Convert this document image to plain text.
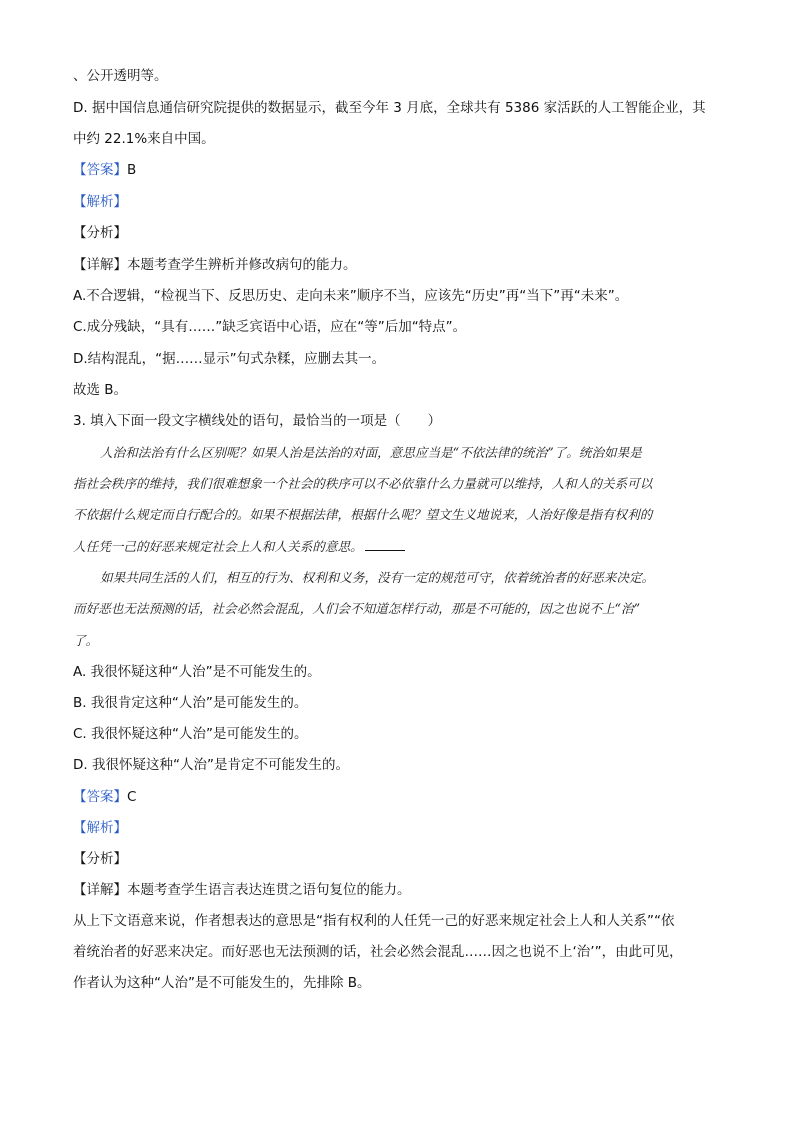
、公开透明等。
D. 据中国信息通信研究院提供的数据显示，截至今年 3 月底，全球共有 5386 家活跃的人工智能企业，其
中约 22.1%来自中国。
【答案】B
【解析】
【分析】
【详解】本题考查学生辨析并修改病句的能力。
A.不合逻辑，“检视当下、反思历史、走向未来”顺序不当，应该先“历史”再“当下”再“未来”。
C.成分残缺，“具有……”缺乏宾语中心语，应在“等”后加“特点”。
D.结构混乱，“据……显示”句式杂糅，应删去其一。
故选 B。
3. 填入下面一段文字横线处的语句，最恰当的一项是（　　）
人治和法治有什么区别呢？如果人治是法治的对面，意思应当是“不依法律的统治”了。统治如果是
指社会秩序的维持，我们很难想象一个社会的秩序可以不必依靠什么力量就可以维持，人和人的关系可以
不依据什么规定而自行配合的。如果不根据法律，根据什么呢？望文生义地说来，人治好像是指有权利的
人任凭一己的好恶来规定社会上人和人关系的意思。
如果共同生活的人们，相互的行为、权利和义务，没有一定的规范可守，依着统治者的好恶来决定。
而好恶也无法预测的话，社会必然会混乱，人们会不知道怎样行动，那是不可能的，因之也说不上“治”
了。
A. 我很怀疑这种“人治”是不可能发生的。
B. 我很肯定这种“人治”是可能发生的。
C. 我很怀疑这种“人治”是可能发生的。
D. 我很怀疑这种“人治”是肯定不可能发生的。
【答案】C
【解析】
【分析】
【详解】本题考查学生语言表达连贯之语句复位的能力。
从上下文语意来说，作者想表达的意思是“指有权利的人任凭一己的好恶来规定社会上人和人关系”“依
着统治者的好恶来决定。而好恶也无法预测的话，社会必然会混乱……因之也说不上‘治’”，由此可见，
作者认为这种“人治”是不可能发生的，先排除 B。
